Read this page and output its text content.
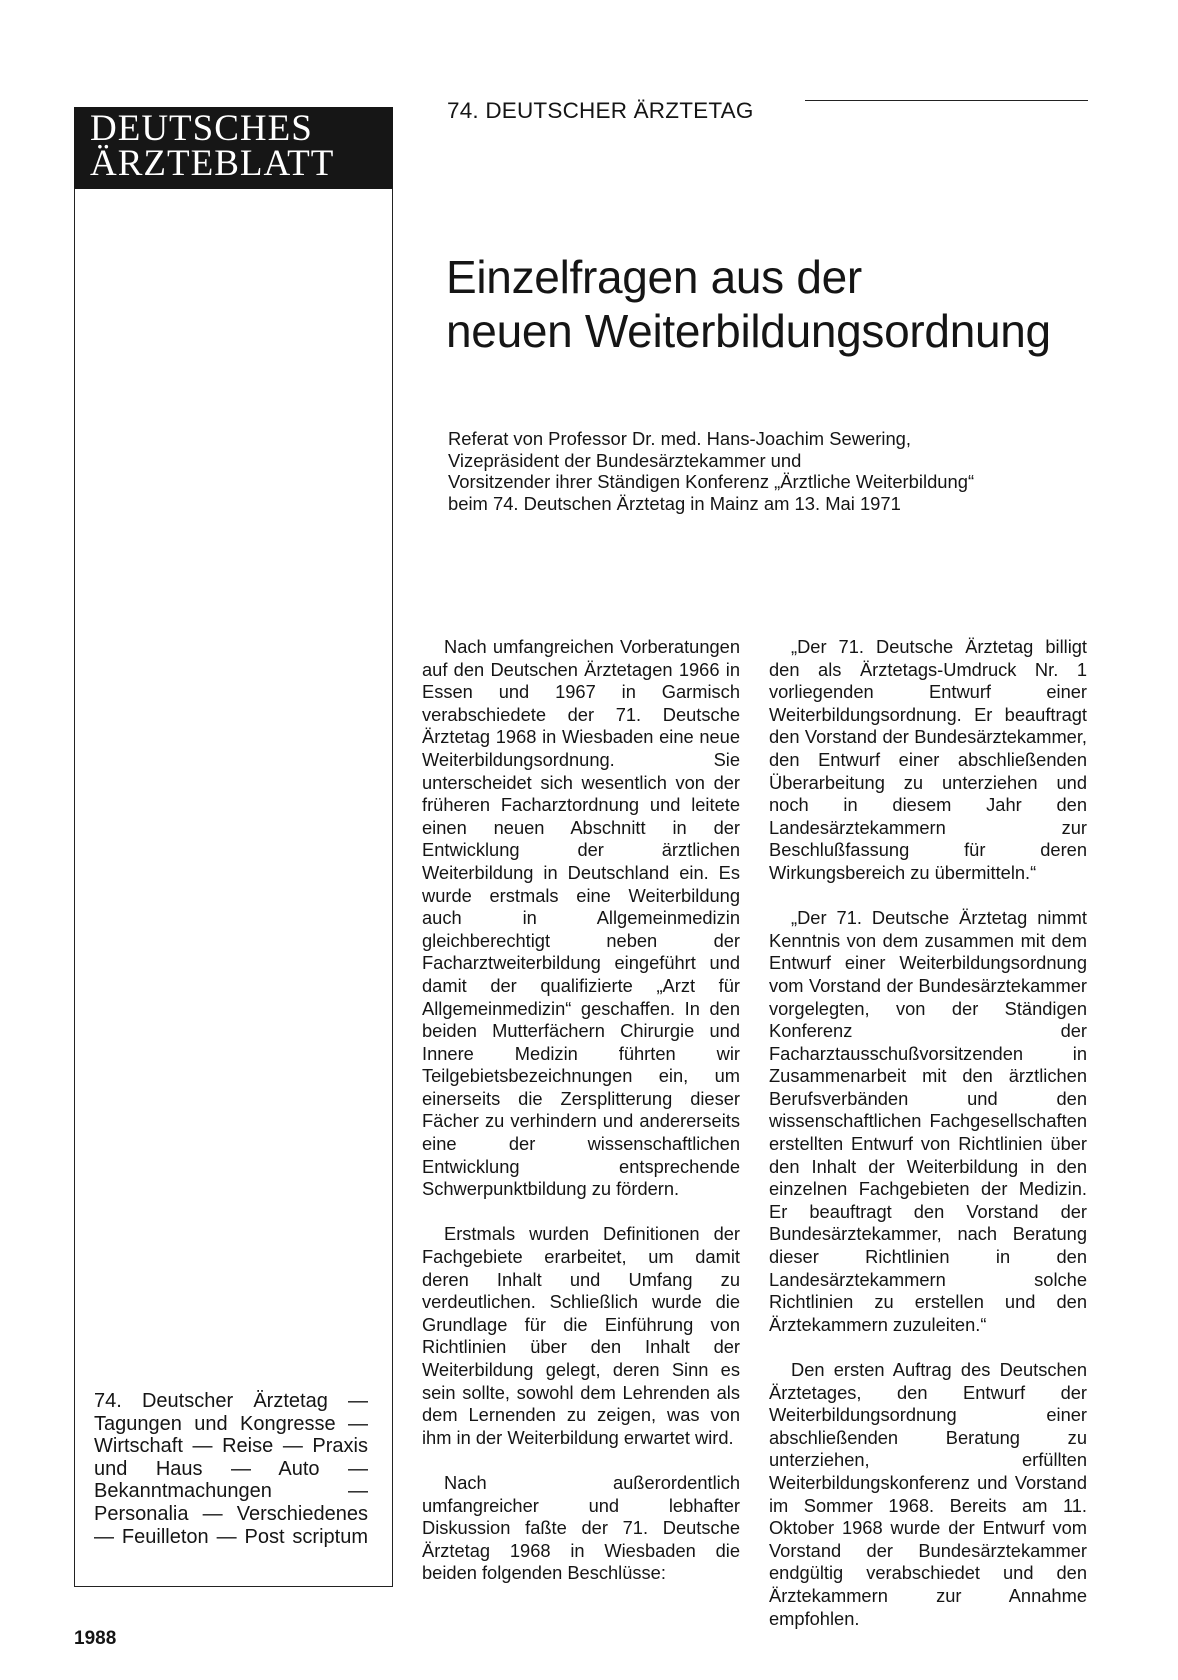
DEUTSCHES
ÄRZTEBLATT
74. Deutscher Ärztetag — Tagungen und Kongresse — Wirtschaft — Reise — Praxis und Haus — Auto — Bekanntmachungen — Personalia — Verschiedenes — Feuilleton — Post scriptum
74. DEUTSCHER ÄRZTETAG
Einzelfragen aus der
neuen Weiterbildungsordnung
Referat von Professor Dr. med. Hans-Joachim Sewering,
Vizepräsident der Bundesärztekammer und
Vorsitzender ihrer Ständigen Konferenz „Ärztliche Weiterbildung“
beim 74. Deutschen Ärztetag in Mainz am 13. Mai 1971

Nach umfangreichen Vorberatungen auf den Deutschen Ärztetagen 1966 in Essen und 1967 in Garmisch verabschiedete der 71. Deutsche Ärztetag 1968 in Wiesbaden eine neue Weiterbildungsordnung. Sie unterscheidet sich wesentlich von der früheren Facharztordnung und leitete einen neuen Abschnitt in der Entwicklung der ärztlichen Weiterbildung in Deutschland ein. Es wurde erstmals eine Weiterbildung auch in Allgemeinmedizin gleichberechtigt neben der Facharztweiterbildung eingeführt und damit der qualifizierte „Arzt für Allgemeinmedizin“ geschaffen. In den beiden Mutterfächern Chirurgie und Innere Medizin führten wir Teilgebietsbezeichnungen ein, um einerseits die Zersplitterung dieser Fächer zu verhindern und andererseits eine der wissenschaftlichen Entwicklung entsprechende Schwerpunktbildung zu fördern.

Erstmals wurden Definitionen der Fachgebiete erarbeitet, um damit deren Inhalt und Umfang zu verdeutlichen. Schließlich wurde die Grundlage für die Einführung von Richtlinien über den Inhalt der Weiterbildung gelegt, deren Sinn es sein sollte, sowohl dem Lehrenden als dem Lernenden zu zeigen, was von ihm in der Weiterbildung erwartet wird.

Nach außerordentlich umfangreicher und lebhafter Diskussion faßte der 71. Deutsche Ärztetag 1968 in Wiesbaden die beiden folgenden Beschlüsse:

„Der 71. Deutsche Ärztetag billigt den als Ärztetags-Umdruck Nr. 1 vorliegenden Entwurf einer Weiterbildungsordnung. Er beauftragt den Vorstand der Bundesärztekammer, den Entwurf einer abschließenden Überarbeitung zu unterziehen und noch in diesem Jahr den Landesärztekammern zur Beschlußfassung für deren Wirkungsbereich zu übermitteln.“

„Der 71. Deutsche Ärztetag nimmt Kenntnis von dem zusammen mit dem Entwurf einer Weiterbildungsordnung vom Vorstand der Bundesärztekammer vorgelegten, von der Ständigen Konferenz der Facharztausschußvorsitzenden in Zusammenarbeit mit den ärztlichen Berufsverbänden und den wissenschaftlichen Fachgesellschaften erstellten Entwurf von Richtlinien über den Inhalt der Weiterbildung in den einzelnen Fachgebieten der Medizin. Er beauftragt den Vorstand der Bundesärztekammer, nach Beratung dieser Richtlinien in den Landesärztekammern solche Richtlinien zu erstellen und den Ärztekammern zuzuleiten.“

Den ersten Auftrag des Deutschen Ärztetages, den Entwurf der Weiterbildungsordnung einer abschließenden Beratung zu unterziehen, erfüllten Weiterbildungskonferenz und Vorstand im Sommer 1968. Bereits am 11. Oktober 1968 wurde der Entwurf vom Vorstand der Bundesärztekammer endgültig verabschiedet und den Ärztekammern zur Annahme empfohlen.

1988
